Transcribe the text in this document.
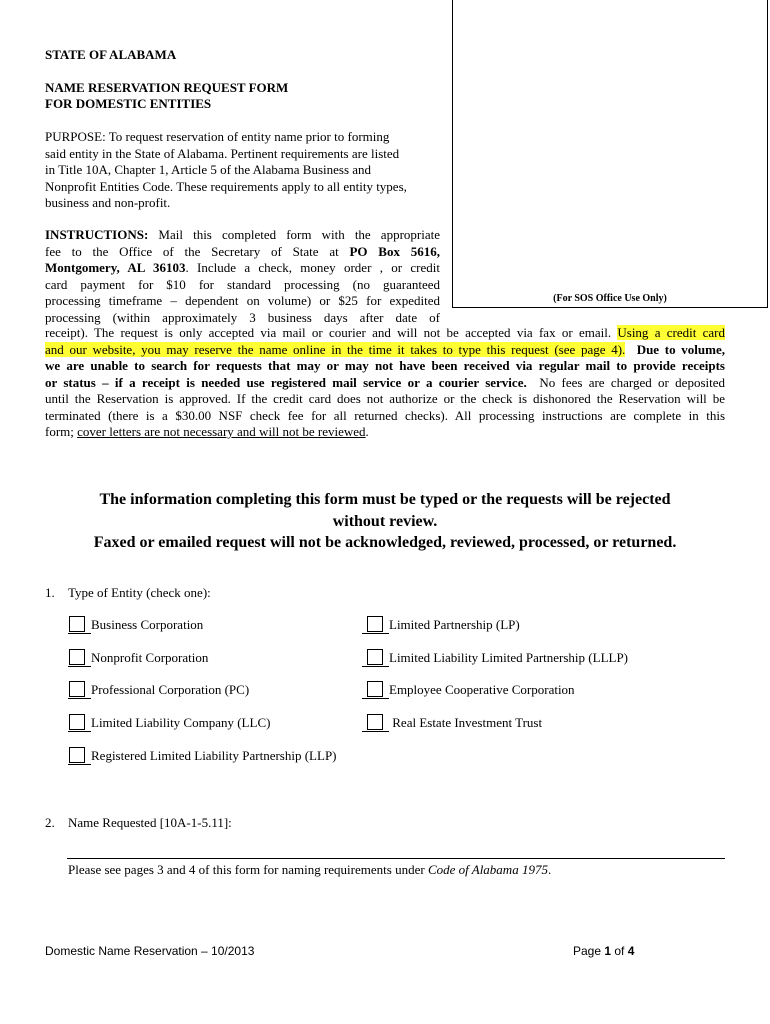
(For SOS Office Use Only)
STATE OF ALABAMA
NAME RESERVATION REQUEST FORM
FOR DOMESTIC ENTITIES
PURPOSE: To request reservation of entity name prior to forming
said entity in the State of Alabama. Pertinent requirements are listed
in Title 10A, Chapter 1, Article 5 of the Alabama Business and
Nonprofit Entities Code. These requirements apply to all entity types,
business and non-profit.
INSTRUCTIONS: Mail this completed form with the appropriate
fee to the Office of the Secretary of State at PO Box 5616,
Montgomery, AL 36103. Include a check, money order , or credit
card payment for $10 for standard processing (no guaranteed
processing timeframe – dependent on volume) or $25 for expedited
processing (within approximately 3 business days after date of
receipt). The request is only accepted via mail or courier and will not be accepted via fax or email. Using a credit card
and our website, you may reserve the name online in the time it takes to type this request (see page 4). Due to volume,
we are unable to search for requests that may or may not have been received via regular mail to provide receipts
or status – if a receipt is needed use registered mail service or a courier service. No fees are charged or deposited
until the Reservation is approved. If the credit card does not authorize or the check is dishonored the Reservation will be
terminated (there is a $30.00 NSF check fee for all returned checks). All processing instructions are complete in this
form; cover letters are not necessary and will not be reviewed.
The information completing this form must be typed or the requests will be rejected
without review.
Faxed or emailed request will not be acknowledged, reviewed, processed, or returned.
1. Type of Entity (check one):
Business Corporation
Nonprofit Corporation
Professional Corporation (PC)
Limited Liability Company (LLC)
Registered Limited Liability Partnership (LLP)
Limited Partnership (LP)
Limited Liability Limited Partnership (LLLP)
Employee Cooperative Corporation
Real Estate Investment Trust
2. Name Requested [10A-1-5.11]:
Please see pages 3 and 4 of this form for naming requirements under Code of Alabama 1975.
Domestic Name Reservation – 10/2013	Page 1 of 4
